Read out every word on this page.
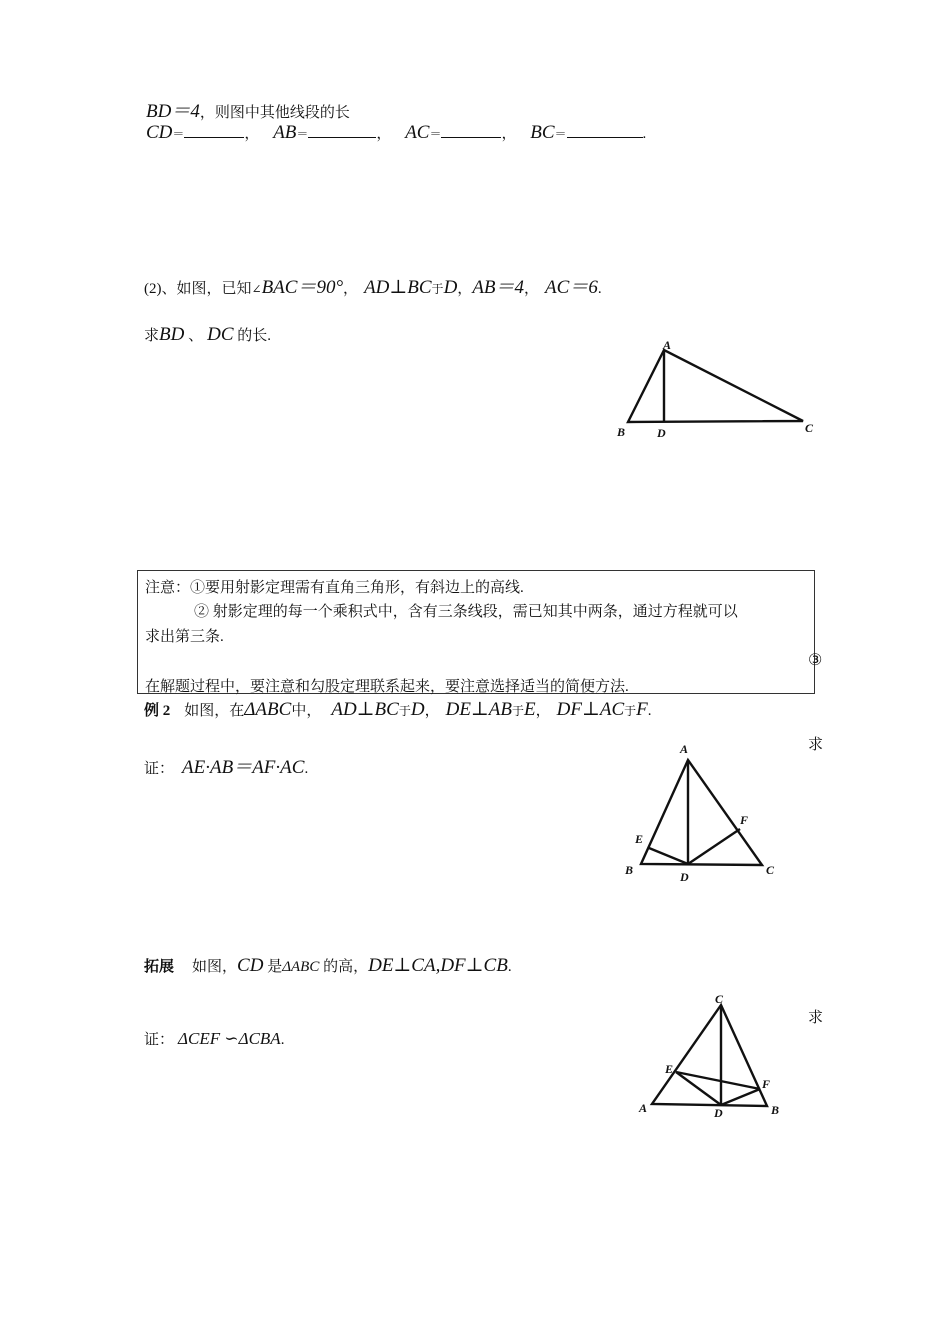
BD＝4，则图中其他线段的长
CD＝	， AB＝	， AC＝	， BC＝	.
(2)、如图，已知∠BAC＝90°， AD⊥BC于D，AB＝4， AC＝6.
求BD 、 DC 的长.
A
B	D	C
注意：①要用射影定理需有直角三角形，有斜边上的高线.
② 射影定理的每一个乘积式中，含有三条线段，需已知其中两条，通过方程就可以
求出第三条.
③
在解题过程中，要注意和勾股定理联系起来，要注意选择适当的简便方法.
例 2 如图，在ΔABC中， AD⊥BC于D， DE⊥AB于E， DF⊥AC于F.
求
证： AE·AB＝AF·AC.
A
E
F
B	D	C
拓展 如图，CD 是ΔABC 的高，DE⊥CA,DF⊥CB.
求
证： ΔCEF ∽ΔCBA.
C
E
F
A	D	B
